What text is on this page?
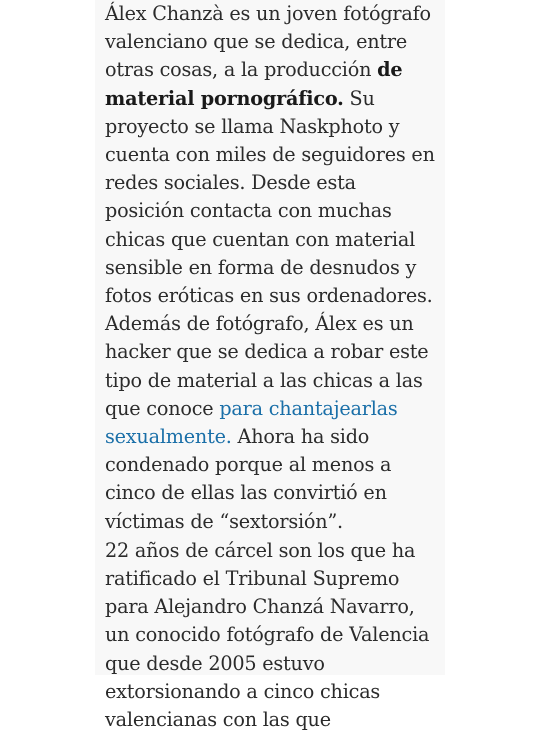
Álex Chanzà es un joven fotógrafo valenciano que se dedica, entre otras cosas, a la producción de material pornográfico. Su proyecto se llama Naskphoto y cuenta con miles de seguidores en redes sociales. Desde esta posición contacta con muchas chicas que cuentan con material sensible en forma de desnudos y fotos eróticas en sus ordenadores. Además de fotógrafo, Álex es un hacker que se dedica a robar este tipo de material a las chicas a las que conoce para chantajearlas sexualmente. Ahora ha sido condenado porque al menos a cinco de ellas las convirtió en víctimas de “sextorsión”.

22 años de cárcel son los que ha ratificado el Tribunal Supremo para Alejandro Chanzá Navarro, un conocido fotógrafo de Valencia que desde 2005 estuvo extorsionando a cinco chicas valencianas con las que
